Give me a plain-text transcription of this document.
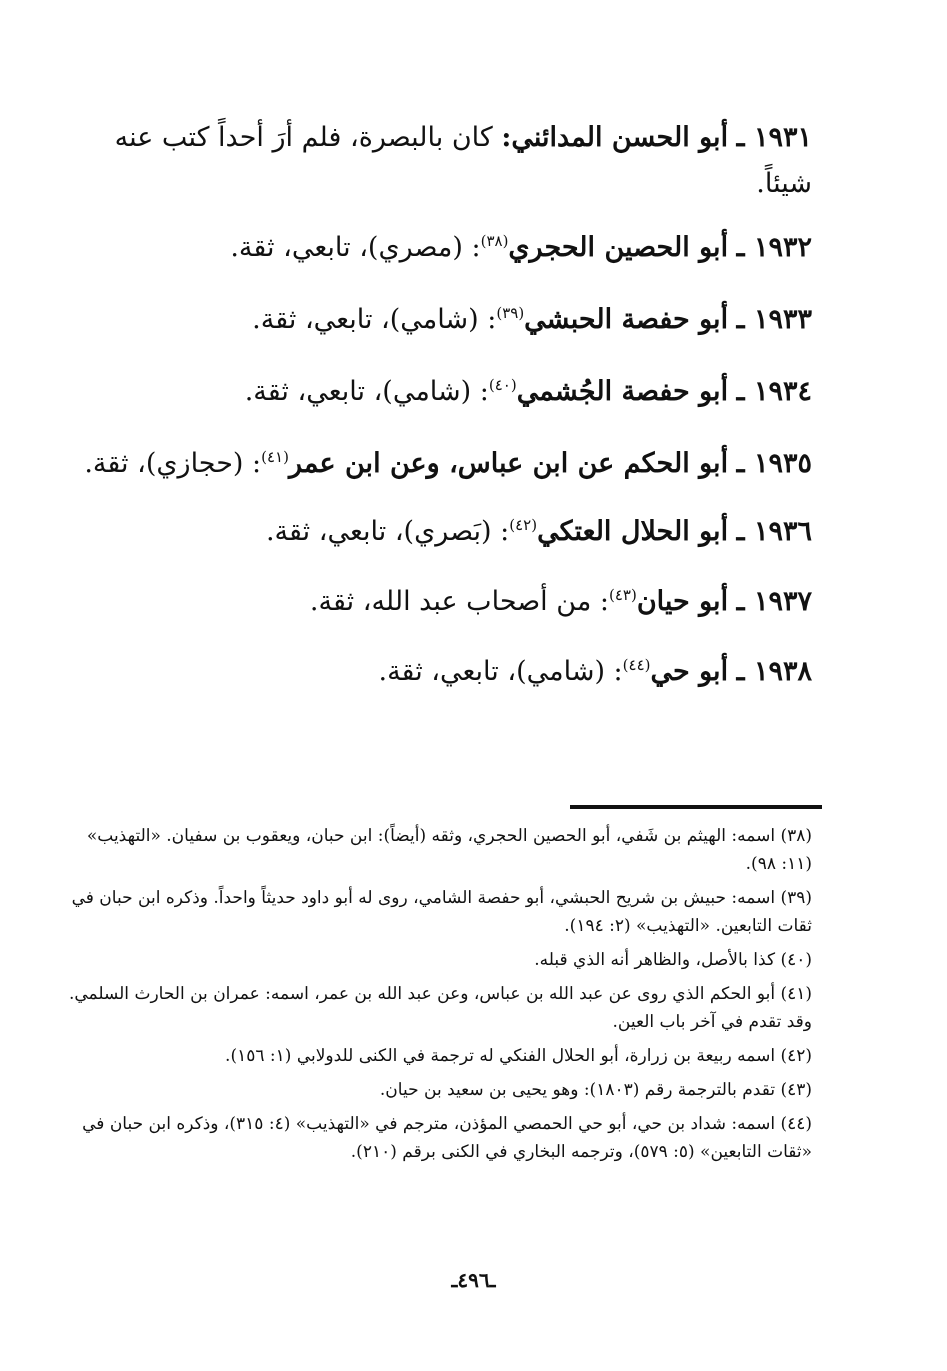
١٩٣١ ـ أبو الحسن المدائني: كان بالبصرة، فلم أرَ أحداً كتب عنه شيئاً.

١٩٣٢ ـ أبو الحصين الحجري$^{(٣٨)}$: (مصري)، تابعي، ثقة.

١٩٣٣ ـ أبو حفصة الحبشي$^{(٣٩)}$: (شامي)، تابعي، ثقة.

١٩٣٤ ـ أبو حفصة الجُشمي$^{(٤٠)}$: (شامي)، تابعي، ثقة.

١٩٣٥ ـ أبو الحكم عن ابن عباس، وعن ابن عمر$^{(٤١)}$: (حجازي)، ثقة.

١٩٣٦ ـ أبو الحلال العتكي$^{(٤٢)}$: (بَصري)، تابعي، ثقة.

١٩٣٧ ـ أبو حيان$^{(٤٣)}$: من أصحاب عبد الله، ثقة.

١٩٣٨ ـ أبو حي$^{(٤٤)}$: (شامي)، تابعي، ثقة.

(٣٨) اسمه: الهيثم بن شَفي، أبو الحصين الحجري، وثقه (أيضاً): ابن حبان، ويعقوب بن سفيان. «التهذيب» (١١: ٩٨).

(٣٩) اسمه: حبيش بن شريح الحبشي، أبو حفصة الشامي، روى له أبو داود حديثاً واحداً. وذكره ابن حبان في ثقات التابعين. «التهذيب» (٢: ١٩٤).

(٤٠) كذا بالأصل، والظاهر أنه الذي قبله.

(٤١) أبو الحكم الذي روى عن عبد الله بن عباس، وعن عبد الله بن عمر، اسمه: عمران بن الحارث السلمي. وقد تقدم في آخر باب العين.

(٤٢) اسمه ربيعة بن زرارة، أبو الحلال الفنكي له ترجمة في الكنى للدولابي (١: ١٥٦).

(٤٣) تقدم بالترجمة رقم (١٨٠٣): وهو يحيى بن سعيد بن حيان.

(٤٤) اسمه: شداد بن حي، أبو حي الحمصي المؤذن، مترجم في «التهذيب» (٤: ٣١٥)، وذكره ابن حبان في «ثقات التابعين» (٥: ٥٧٩)، وترجمه البخاري في الكنى برقم (٢١٠).

ـ٤٩٦ـ
